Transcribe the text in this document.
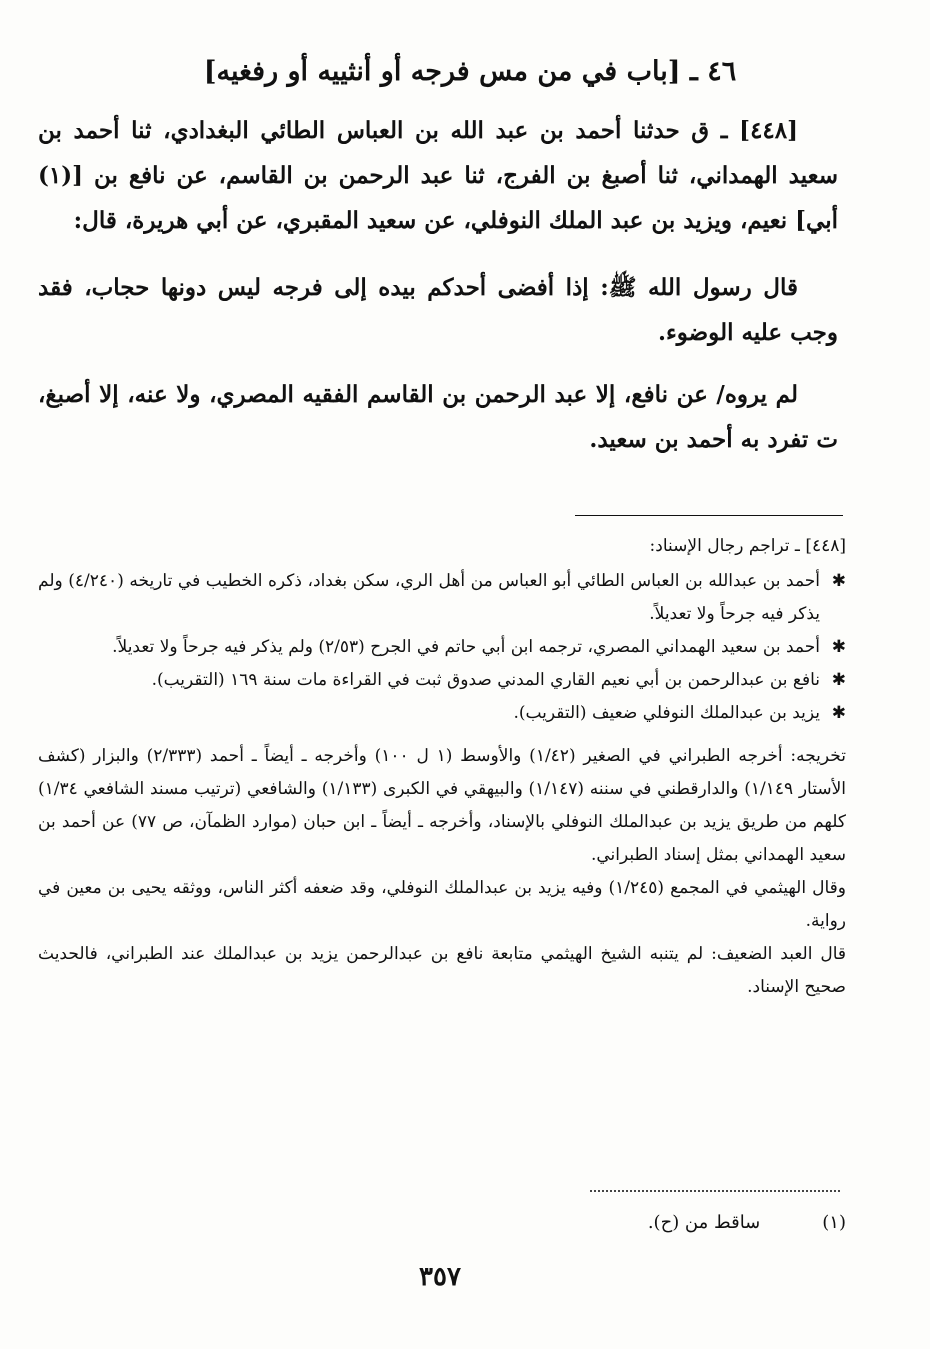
٤٦ ـ [باب في من مس فرجه أو أنثييه أو رفغيه]
[٤٤٨] ـ ق حدثنا أحمد بن عبد الله بن العباس الطائي البغدادي، ثنا أحمد بن سعيد الهمداني، ثنا أصبغ بن الفرج، ثنا عبد الرحمن بن القاسم، عن نافع بن [(١) أبي] نعيم، ويزيد بن عبد الملك النوفلي، عن سعيد المقبري، عن أبي هريرة، قال:
قال رسول الله ﷺ: إذا أفضى أحدكم بيده إلى فرجه ليس دونها حجاب، فقد وجب عليه الوضوء.
لم يروه/ عن نافع، إلا عبد الرحمن بن القاسم الفقيه المصري، ولا عنه، إلا أصبغ، ت تفرد به أحمد بن سعيد.

[٤٤٨] ـ تراجم رجال الإسناد:

✱
أحمد بن عبدالله بن العباس الطائي أبو العباس من أهل الري، سكن بغداد، ذكره الخطيب في تاريخه (٤/٢٤٠) ولم يذكر فيه جرحاً ولا تعديلاً.

✱
أحمد بن سعيد الهمداني المصري، ترجمه ابن أبي حاتم في الجرح (٢/٥٣) ولم يذكر فيه جرحاً ولا تعديلاً.

✱
نافع بن عبدالرحمن بن أبي نعيم القاري المدني صدوق ثبت في القراءة مات سنة ١٦٩ (التقريب).

✱
يزيد بن عبدالملك النوفلي ضعيف (التقريب).

تخريجه: أخرجه الطبراني في الصغير (١/٤٢) والأوسط (١ ل ١٠٠) وأخرجه ـ أيضاً ـ أحمد (٢/٣٣٣) والبزار (كشف الأستار ١/١٤٩) والدارقطني في سننه (١/١٤٧) والبيهقي في الكبرى (١/١٣٣) والشافعي (ترتيب مسند الشافعي ١/٣٤) كلهم من طريق يزيد بن عبدالملك النوفلي بالإسناد، وأخرجه ـ أيضاً ـ ابن حبان (موارد الظمآن، ص ٧٧) عن أحمد بن سعيد الهمداني بمثل إسناد الطبراني.

وقال الهيثمي في المجمع (١/٢٤٥) وفيه يزيد بن عبدالملك النوفلي، وقد ضعفه أكثر الناس، ووثقه يحيى بن معين في رواية.

قال العبد الضعيف: لم يتنبه الشيخ الهيثمي متابعة نافع بن عبدالرحمن يزيد بن عبدالملك عند الطبراني، فالحديث صحيح الإسناد.

(١) ساقط من (ح).
٣٥٧
